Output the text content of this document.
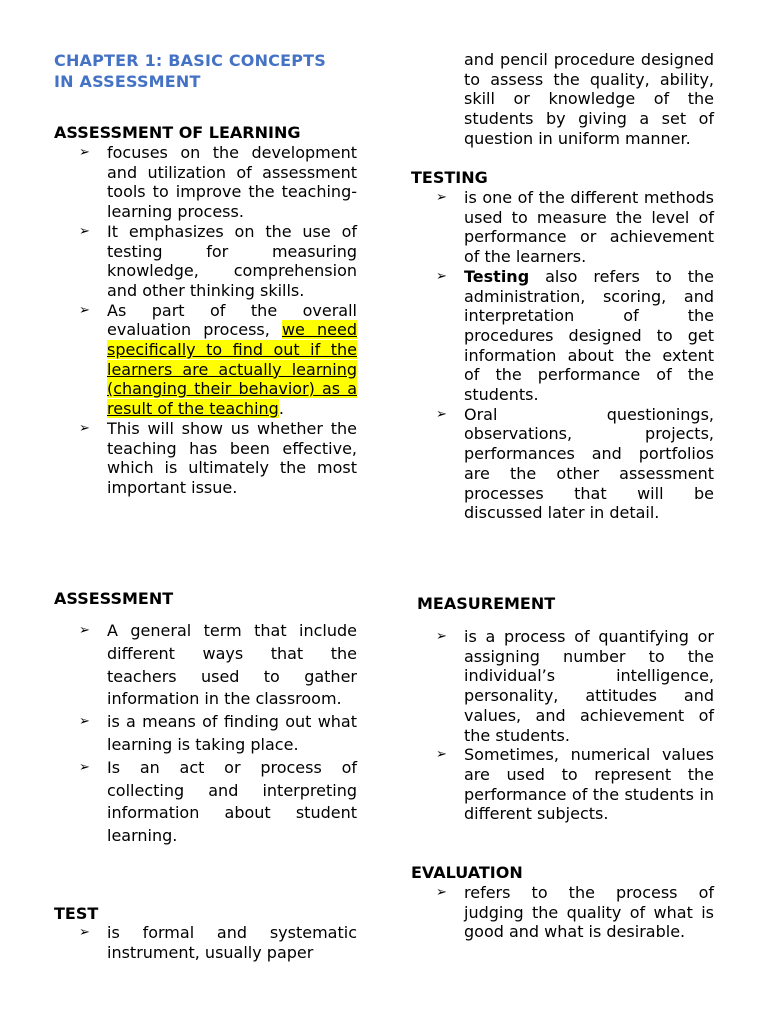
CHAPTER 1: BASIC CONCEPTS
IN ASSESSMENT
ASSESSMENT OF LEARNING
➢ focuses on the development and utilization of assessment tools to improve the teaching-learning process.
➢ It emphasizes on the use of testing for measuring knowledge, comprehension and other thinking skills.
➢ As part of the overall evaluation process, we need specifically to find out if the learners are actually learning (changing their behavior) as a result of the teaching.
➢ This will show us whether the teaching has been effective, which is ultimately the most important issue.
ASSESSMENT
➢ A general term that include different ways that the teachers used to gather information in the classroom.
➢ is a means of finding out what learning is taking place.
➢ Is an act or process of collecting and interpreting information about student learning.
TEST
➢ is formal and systematic instrument, usually paper

and pencil procedure designed to assess the quality, ability, skill or knowledge of the students by giving a set of question in uniform manner.

TESTING
➢ is one of the different methods used to measure the level of performance or achievement of the learners.
➢ Testing also refers to the administration, scoring, and interpretation of the procedures designed to get information about the extent of the performance of the students.
➢ Oral questionings, observations, projects, performances and portfolios are the other assessment processes that will be discussed later in detail.
MEASUREMENT
➢ is a process of quantifying or assigning number to the individual’s intelligence, personality, attitudes and values, and achievement of the students.
➢ Sometimes, numerical values are used to represent the performance of the students in different subjects.
EVALUATION
➢ refers to the process of judging the quality of what is good and what is desirable.
